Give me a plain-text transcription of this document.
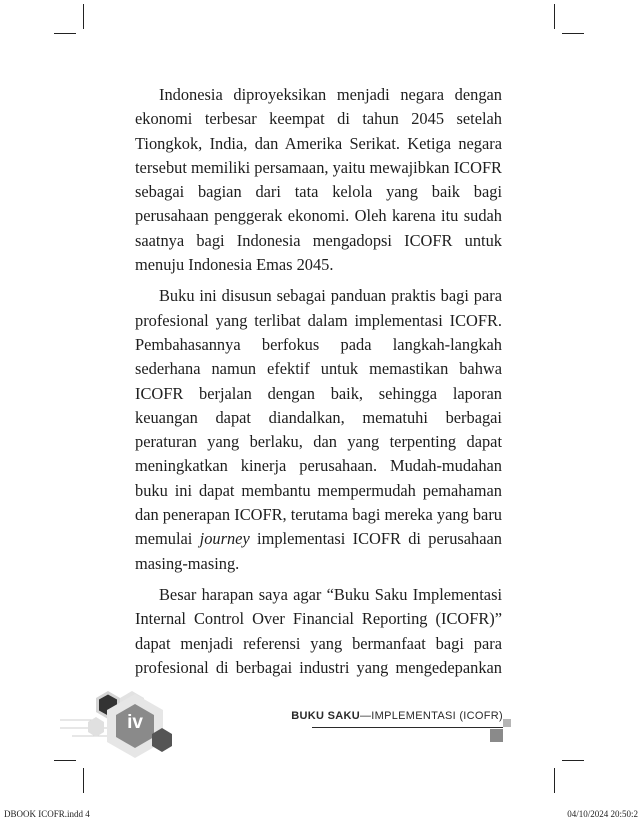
Indonesia diproyeksikan menjadi negara dengan ekonomi terbesar keempat di tahun 2045 setelah Tiongkok, India, dan Amerika Serikat. Ketiga negara tersebut memiliki persamaan, yaitu mewajibkan ICOFR sebagai bagian dari tata kelola yang baik bagi perusahaan penggerak ekonomi. Oleh karena itu sudah saatnya bagi Indonesia mengadopsi ICOFR untuk menuju Indonesia Emas 2045.

Buku ini disusun sebagai panduan praktis bagi para profesional yang terlibat dalam implementasi ICOFR. Pembahasannya berfokus pada langkah-langkah sederhana namun efektif untuk memastikan bahwa ICOFR berjalan dengan baik, sehingga laporan keuangan dapat diandalkan, mematuhi berbagai peraturan yang berlaku, dan yang terpenting dapat meningkatkan kinerja perusahaan. Mudah-mudahan buku ini dapat membantu mempermudah pemahaman dan penerapan ICOFR, terutama bagi mereka yang baru memulai journey implementasi ICOFR di perusahaan masing-masing.

Besar harapan saya agar “Buku Saku Implementasi Internal Control Over Financial Reporting (ICOFR)” dapat menjadi referensi yang bermanfaat bagi para profesional di berbagai industri yang mengedepankan

iv	BUKU SAKU—IMPLEMENTASI (ICOFR)
DBOOK ICOFR.indd 4	04/10/2024 20:50:2
